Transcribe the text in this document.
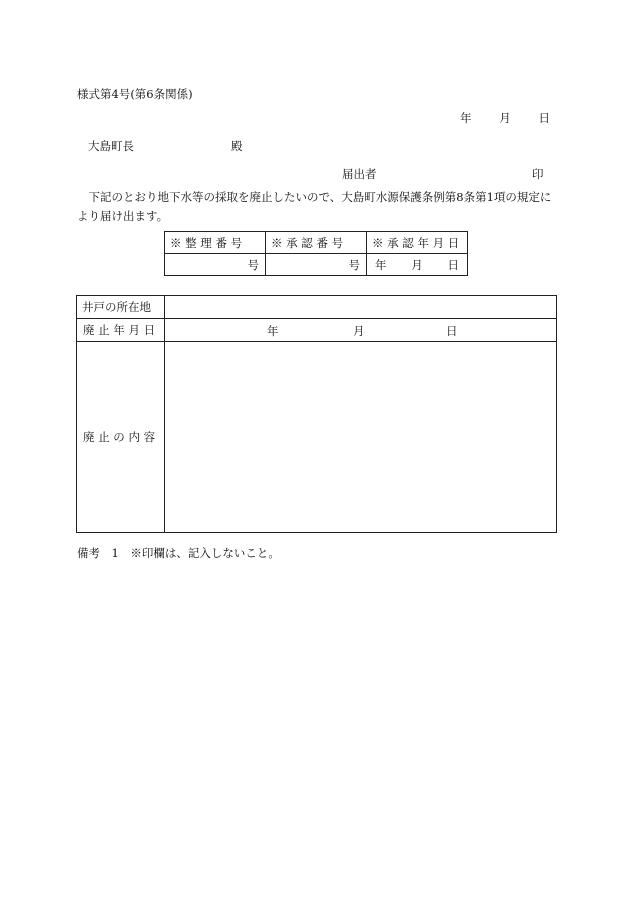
様式第4号(第6条関係)
年 月 日
大島町長	殿
届出者	印
下記のとおり地下水等の採取を廃止したいので、大島町水源保護条例第8条第1項の規定により届け出ます。
※ 整 理 番 号	※ 承 認 番 号	※ 承 認 年 月 日

号	号	年 月 日
井戸の所在地	

廃 止 年 月 日	年 月 日

廃 止 の 内 容	

備考　1　※印欄は、記入しないこと。
